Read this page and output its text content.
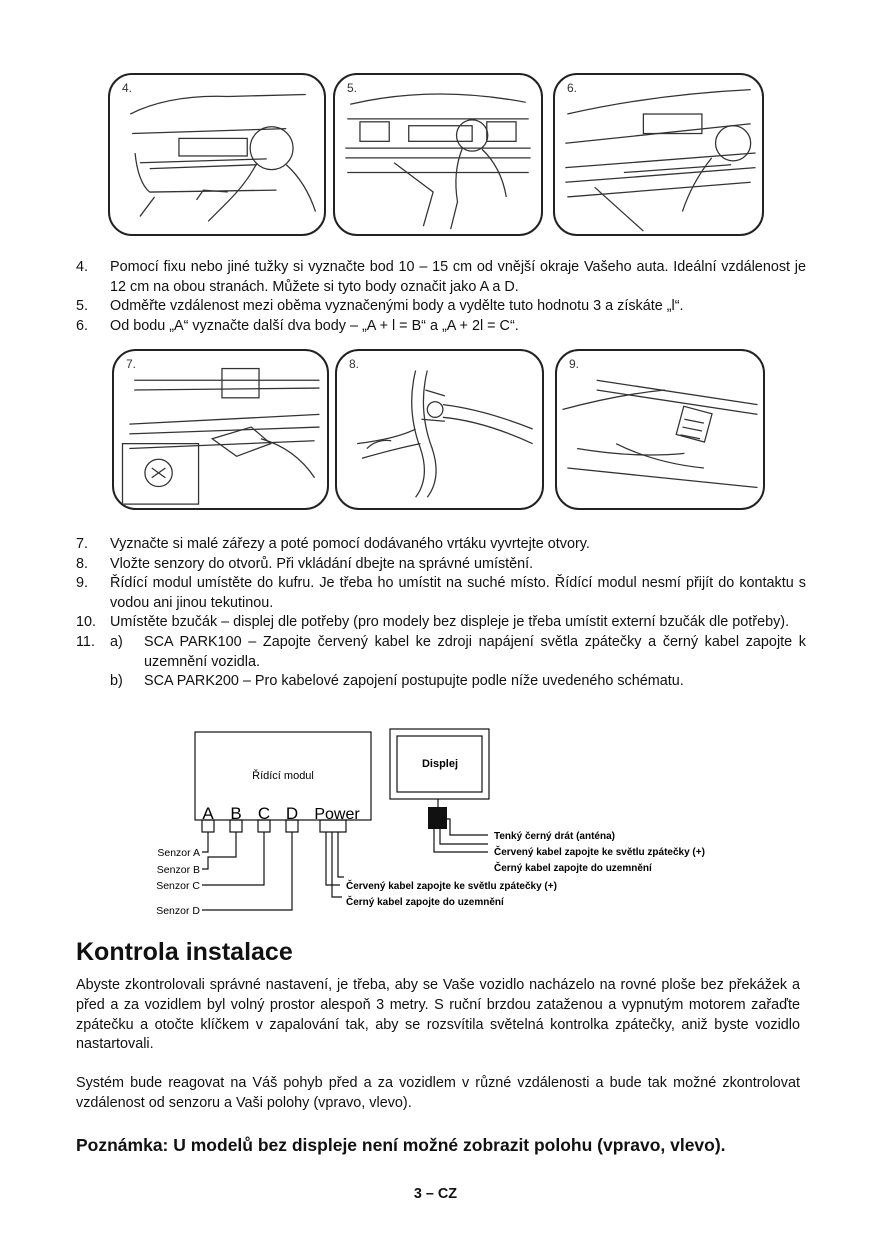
4.	5.	6.
4. Pomocí fixu nebo jiné tužky si vyznačte bod 10 – 15 cm od vnější okraje Vašeho auta. Ideální vzdálenost je 12 cm na obou stranách. Můžete si tyto body označit jako A a D.
5. Odměřte vzdálenost mezi oběma vyznačenými body a vydělte tuto hodnotu 3 a získáte „l“.
6. Od bodu „A“ vyznačte další dva body – „A + l = B“ a „A + 2l = C“.
7.	8.	9.
7. Vyznačte si malé zářezy a poté pomocí dodávaného vrtáku vyvrtejte otvory.
8. Vložte senzory do otvorů. Při vkládání dbejte na správné umístění.
9. Řídící modul umístěte do kufru. Je třeba ho umístit na suché místo. Řídící modul nesmí přijít do kontaktu s vodou ani jinou tekutinou.
10. Umístěte bzučák – displej dle potřeby (pro modely bez displeje je třeba umístit externí bzučák dle potřeby).
11. a) SCA PARK100 – Zapojte červený kabel ke zdroji napájení světla zpátečky a černý kabel zapojte k uzemnění vozidla.
b) SCA PARK200 – Pro kabelové zapojení postupujte podle níže uvedeného schématu.
Řídící modul
Displej
A B C D Power
Senzor A
Senzor B
Senzor C
Senzor D
Tenký černý drát (anténa)
Červený kabel zapojte ke světlu zpátečky (+)
Černý kabel zapojte do uzemnění
Červený kabel zapojte ke světlu zpátečky (+)
Černý kabel zapojte do uzemnění
Kontrola instalace

Abyste zkontrolovali správné nastavení, je třeba, aby se Vaše vozidlo nacházelo na rovné ploše bez překážek a před a za vozidlem byl volný prostor alespoň 3 metry. S ruční brzdou zataženou a vypnutým motorem zařaďte zpátečku a otočte klíčkem v zapalování tak, aby se rozsvítila světelná kontrolka zpátečky, aniž byste vozidlo nastartovali.

Systém bude reagovat na Váš pohyb před a za vozidlem v různé vzdálenosti a bude tak možné zkontrolovat vzdálenost od senzoru a Vaši polohy (vpravo, vlevo).

Poznámka: U modelů bez displeje není možné zobrazit polohu (vpravo, vlevo).

3 – CZ
